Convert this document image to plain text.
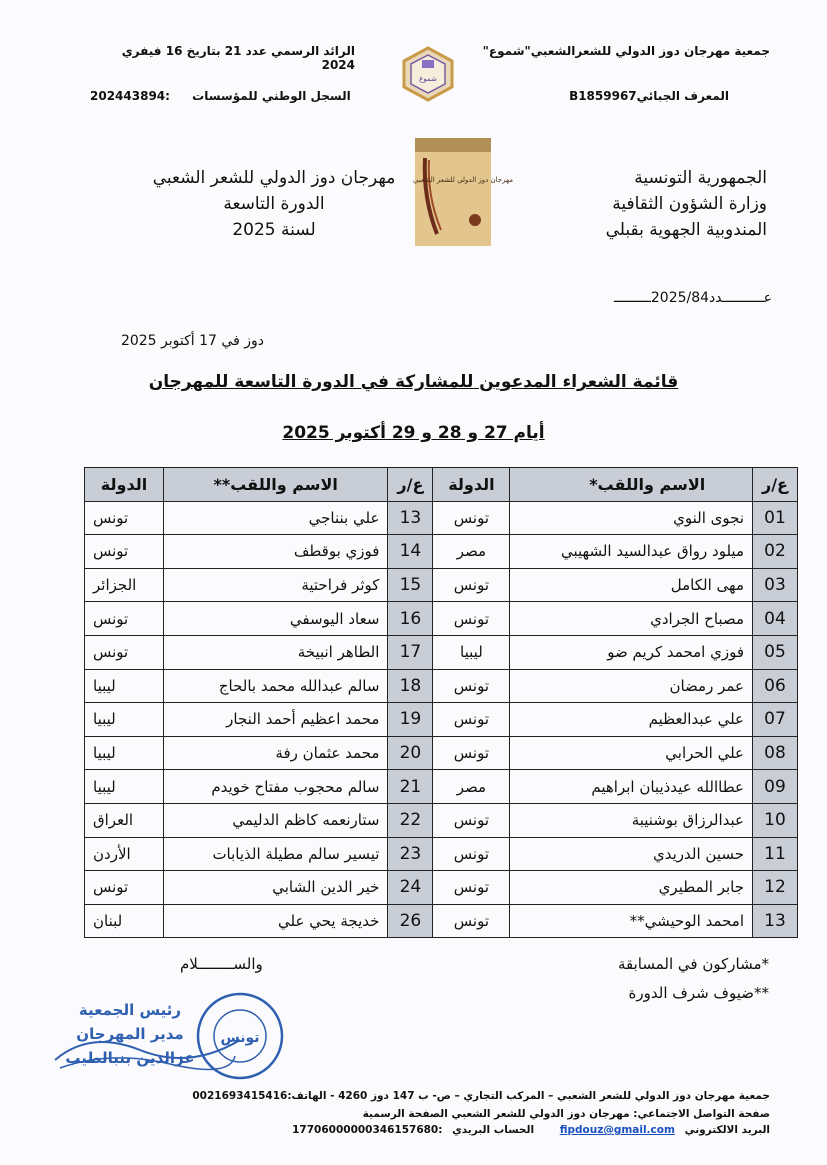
جمعية مهرجان دوز الدولي للشعرالشعبي"شموع"
الرائد الرسمي عدد 21 بتاريخ 16 فيفري 2024
شموع
المعرف الجبائيB1859967
202443894: السجل الوطني للمؤسسات
الجمهورية التونسية
وزارة الشؤون الثقافية
المندوبية الجهوية بقبلي
مهرجان دوز الدولي للشعر الشعبي
مهرجان دوز الدولي للشعر الشعبي
الدورة التاسعة
لسنة 2025
عــــــــــدد2025/84ـــــــــ
دوز في 17 أكتوبر 2025
قائمة الشعراء المدعوين للمشاركة في الدورة التاسعة للمهرجان
أيام 27 و 28 و 29 أكتوبر 2025
ع/ر	الاسم واللقب*	الدولة	ع/ر	الاسم واللقب**	الدولة
01	نجوى النوي	تونس	13	علي بنناجي	تونس
02	ميلود رواق عبدالسيد الشهيبي	مصر	14	فوزي بوقطف	تونس
03	مهى الكامل	تونس	15	كوثر فراحتية	الجزائر
04	مصباح الجرادي	تونس	16	سعاد اليوسفي	تونس
05	فوزي امحمد كريم ضو	ليبيا	17	الطاهر انبيخة	تونس
06	عمر رمضان	تونس	18	سالم عبدالله محمد بالحاج	ليبيا
07	علي عبدالعظيم	تونس	19	محمد اعظيم أحمد النجار	ليبيا
08	علي الحرابي	تونس	20	محمد عثمان رفة	ليبيا
09	عطاالله عيدذيبان ابراهيم	مصر	21	سالم محجوب مفتاح خويدم	ليبيا
10	عبدالرزاق بوشنيبة	تونس	22	ستارنعمه كاظم الدليمي	العراق
11	حسين الدريدي	تونس	23	تيسير سالم مطيلة الذيابات	الأردن
12	جابر المطيري	تونس	24	خير الدين الشابي	تونس
13	امحمد الوحيشي**	تونس	26	خديجة يحي علي	لبنان
*مشاركون في المسابقة
**ضيوف شرف الدورة
والســــــــلام
تونس
رئيس الجمعية
مدير المهرجان
عزالدين بنبالطيب
جمعية مهرجان دوز الدولي للشعر الشعبي – المركب التجاري – ص- ب 147 دوز 4260 - الهاتف:0021693415416
صفحة التواصل الاجتماعي: مهرجان دوز الدولي للشعر الشعبي الصفحة الرسمية
17706000000346157680: الحساب البريدي fipdouz@gmail.com البريد الالكتروني
